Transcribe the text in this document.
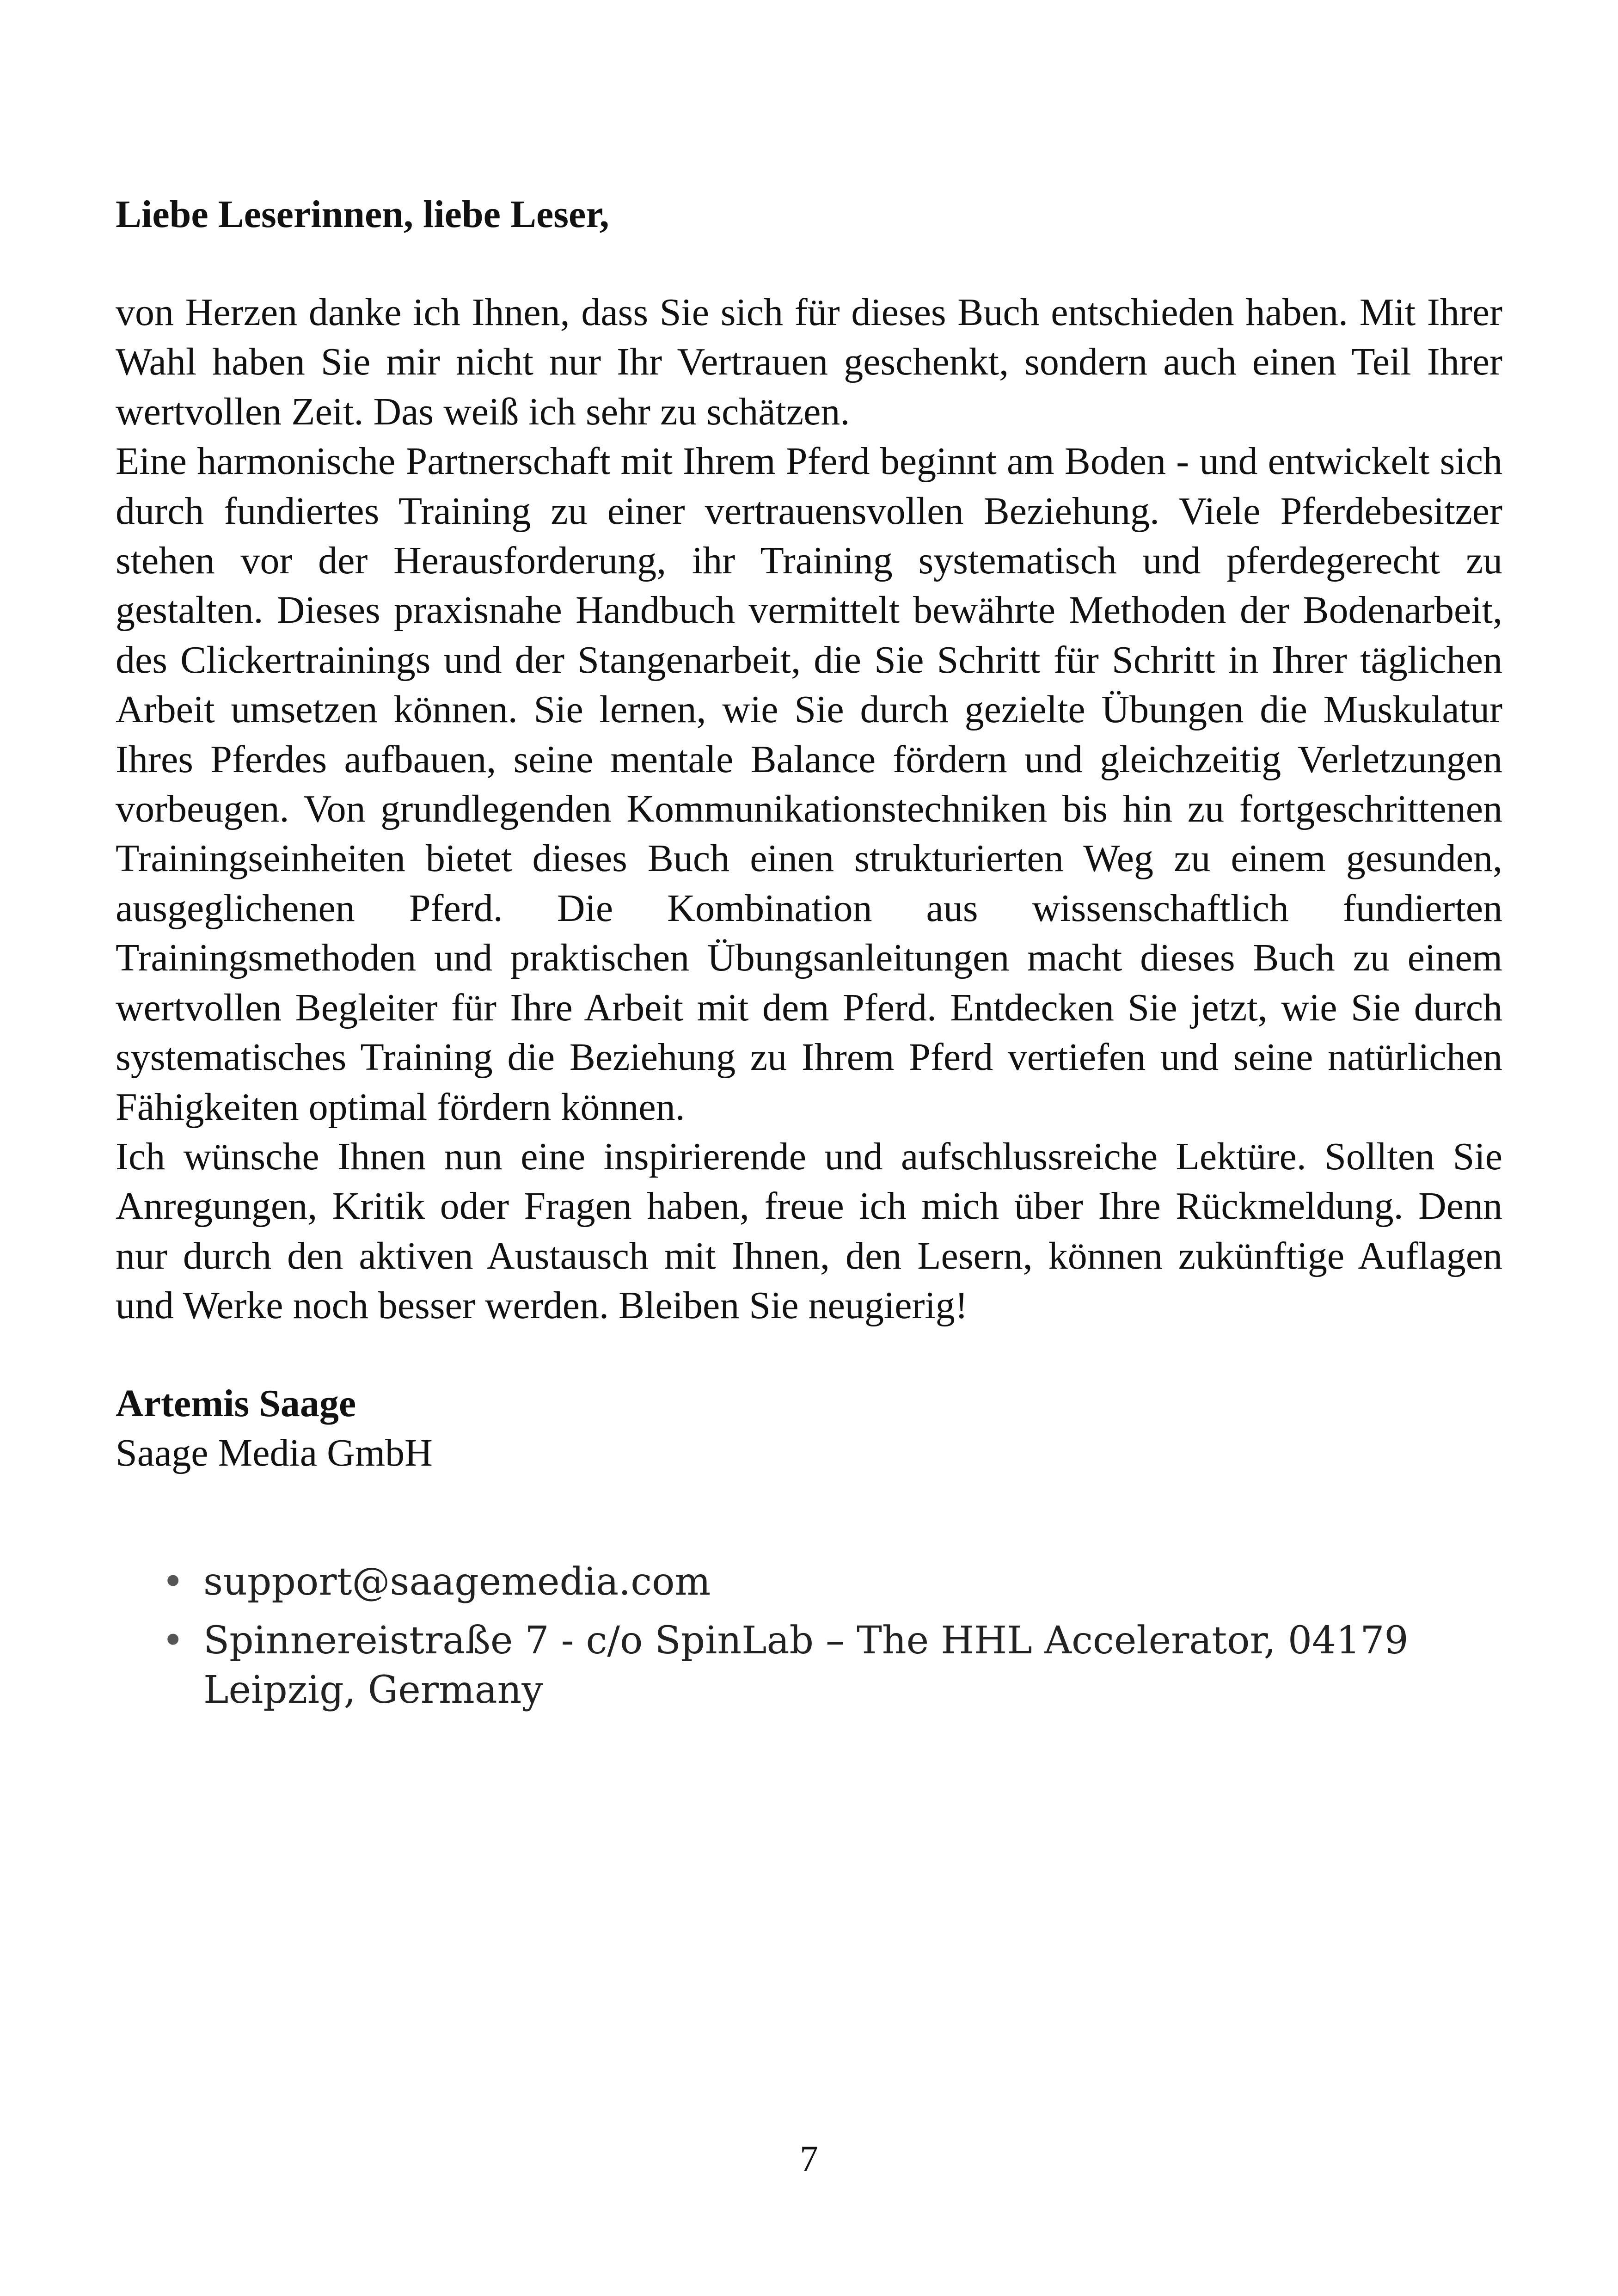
Liebe Leserinnen, liebe Leser,

von Herzen danke ich Ihnen, dass Sie sich für dieses Buch entschieden haben. Mit Ihrer Wahl haben Sie mir nicht nur Ihr Vertrauen geschenkt, sondern auch einen Teil Ihrer wertvollen Zeit. Das weiß ich sehr zu schätzen.

Eine harmonische Partnerschaft mit Ihrem Pferd beginnt am Boden - und entwickelt sich durch fundiertes Training zu einer vertrauensvollen Beziehung. Viele Pferdebesitzer stehen vor der Herausforderung, ihr Training systematisch und pferdegerecht zu gestalten. Dieses praxisnahe Handbuch vermittelt bewährte Methoden der Bodenarbeit, des Clickertrainings und der Stangenarbeit, die Sie Schritt für Schritt in Ihrer täglichen Arbeit umsetzen können. Sie lernen, wie Sie durch gezielte Übungen die Muskulatur Ihres Pferdes aufbauen, seine mentale Balance fördern und gleichzeitig Verletzungen vorbeugen. Von grundlegenden Kommunikationstechniken bis hin zu fortgeschrittenen Trainingseinheiten bietet dieses Buch einen strukturierten Weg zu einem gesunden, ausgeglichenen Pferd. Die Kombination aus wissenschaftlich fundierten Trainingsmethoden und praktischen Übungsanleitungen macht dieses Buch zu einem wertvollen Begleiter für Ihre Arbeit mit dem Pferd. Entdecken Sie jetzt, wie Sie durch systematisches Training die Beziehung zu Ihrem Pferd vertiefen und seine natürlichen Fähigkeiten optimal fördern können.

Ich wünsche Ihnen nun eine inspirierende und aufschlussreiche Lektüre. Sollten Sie Anregungen, Kritik oder Fragen haben, freue ich mich über Ihre Rückmeldung. Denn nur durch den aktiven Austausch mit Ihnen, den Lesern, können zukünftige Auflagen und Werke noch besser werden. Bleiben Sie neugierig!

Artemis Saage
Saage Media GmbH
• support@saagemedia.com
• Spinnereistraße 7 - c/o SpinLab – The HHL Accelerator, 04179 Leipzig, Germany
7
